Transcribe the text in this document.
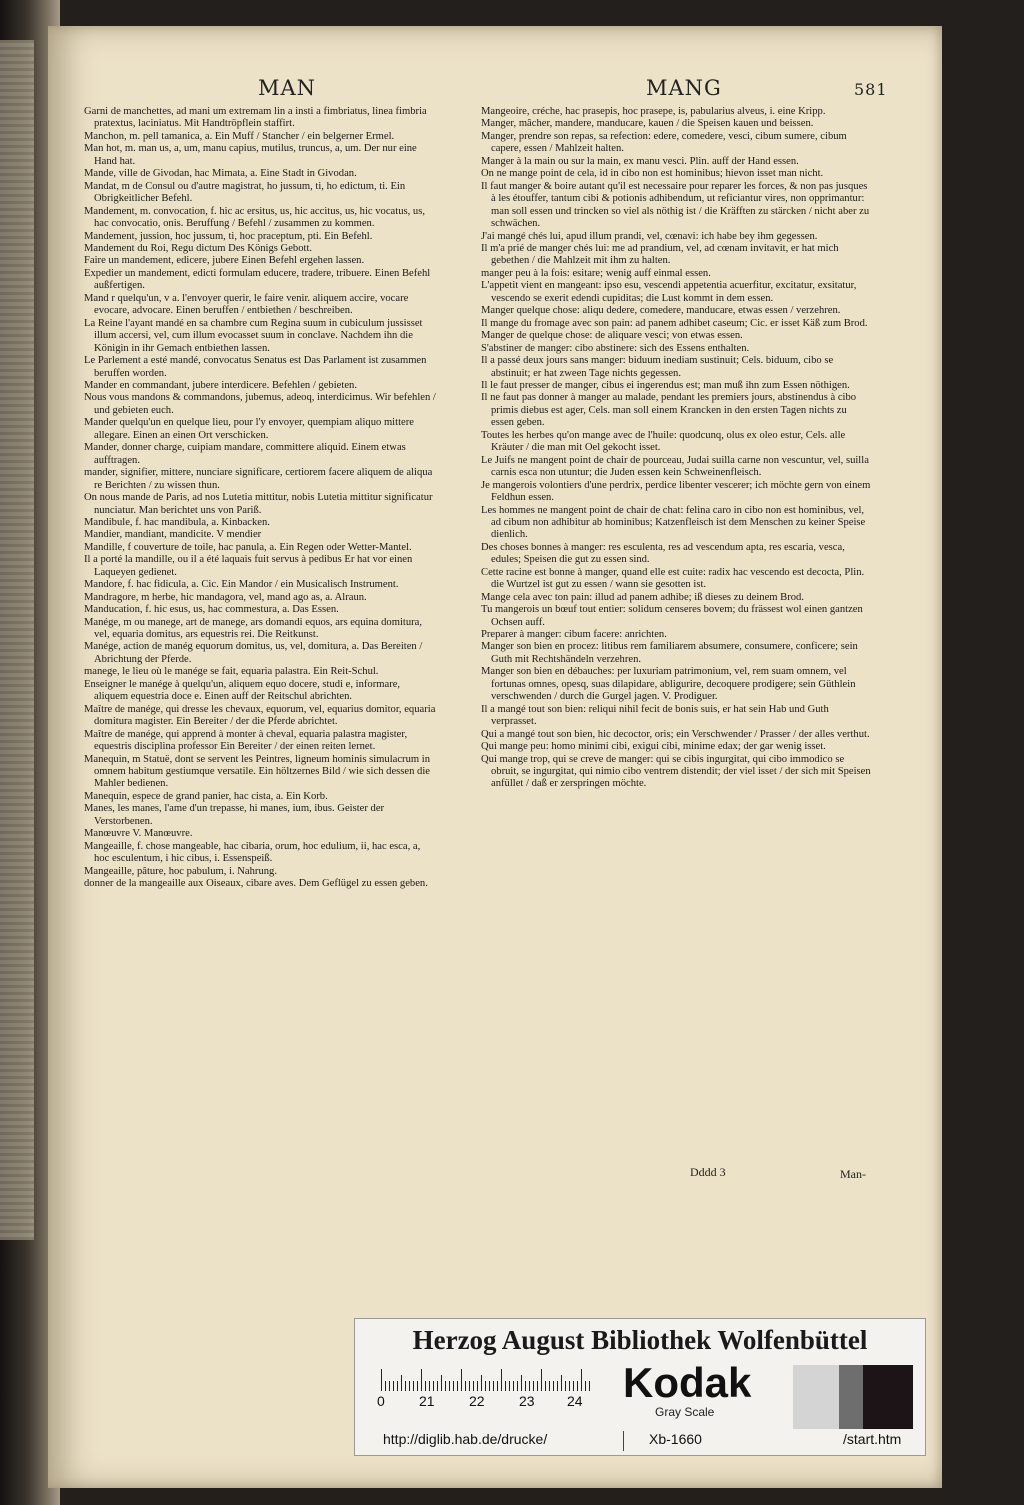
MAN	MANG	581

Garni de manchettes, ad mani um extremam lin a insti a fimbriatus, linea fimbria pratextus, laciniatus. Mit Handtröpflein staffirt.

Manchon, m. pell tamanica, a. Ein Muff / Stancher / ein belgerner Ermel.

Man hot, m. man us, a, um, manu capius, mutilus, truncus, a, um. Der nur eine Hand hat.

Mande, ville de Givodan, hac Mimata, a. Eine Stadt in Givodan.

Mandat, m de Consul ou d'autre magistrat, ho jussum, ti, ho edictum, ti. Ein Obrigkeitlicher Befehl.

Mandement, m. convocation, f. hic ac ersitus, us, hic accitus, us, hic vocatus, us, hac convocatio, onis. Beruffung / Befehl / zusammen zu kommen.

Mandement, jussion, hoc jussum, ti, hoc praceptum, pti. Ein Befehl.

Mandement du Roi, Regu dictum Des Königs Gebott.

Faire un mandement, edicere, jubere Einen Befehl ergehen lassen.

Expedier un mandement, edicti formulam educere, tradere, tribuere. Einen Befehl außfertigen.

Mand r quelqu'un, v a. l'envoyer querir, le faire venir. aliquem accire, vocare evocare, advocare. Einen beruffen / entbiethen / beschreiben.

La Reine l'ayant mandé en sa chambre cum Regina suum in cubiculum jussisset illum accersi, vel, cum illum evocasset suum in conclave. Nachdem ihn die Königin in ihr Gemach entbiethen lassen.

Le Parlement a esté mandé, convocatus Senatus est Das Parlament ist zusammen beruffen worden.

Mander en commandant, jubere interdicere. Befehlen / gebieten.

Nous vous mandons & commandons, jubemus, adeoq, interdicimus. Wir befehlen / und gebieten euch.

Mander quelqu'un en quelque lieu, pour l'y envoyer, quempiam aliquo mittere allegare. Einen an einen Ort verschicken.

Mander, donner charge, cuipiam mandare, committere aliquid. Einem etwas aufftragen.

mander, signifier, mittere, nunciare significare, certiorem facere aliquem de aliqua re Berichten / zu wissen thun.

On nous mande de Paris, ad nos Lutetia mittitur, nobis Lutetia mittitur significatur nunciatur. Man berichtet uns von Pariß.

Mandibule, f. hac mandibula, a. Kinbacken.

Mandier, mandiant, mandicite. V mendier

Mandille, f couverture de toile, hac panula, a. Ein Regen oder Wetter-Mantel.

Il a porté la mandille, ou il a été laquais fuit servus à pedibus Er hat vor einen Laqueyen gedienet.

Mandore, f. hac fidicula, a. Cic. Ein Mandor / ein Musicalisch Instrument.

Mandragore, m herbe, hic mandagora, vel, mand ago as, a. Alraun.

Manducation, f. hic esus, us, hac commestura, a. Das Essen.

Manége, m ou manege, art de manege, ars domandi equos, ars equina domitura, vel, equaria domitus, ars equestris rei. Die Reitkunst.

Manége, action de manég equorum domitus, us, vel, domitura, a. Das Bereiten / Abrichtung der Pferde.

manege, le lieu où le manége se fait, equaria palastra. Ein Reit-Schul.

Enseigner le manége à quelqu'un, aliquem equo docere, studi e, informare, aliquem equestria doce e. Einen auff der Reitschul abrichten.

Maître de manége, qui dresse les chevaux, equorum, vel, equarius domitor, equaria domitura magister. Ein Bereiter / der die Pferde abrichtet.

Maître de manége, qui apprend à monter à cheval, equaria palastra magister, equestris disciplina professor Ein Bereiter / der einen reiten lernet.

Manequin, m Statuë, dont se servent les Peintres, ligneum hominis simulacrum in omnem habitum gestiumque versatile. Ein höltzernes Bild / wie sich dessen die Mahler bedienen.

Manequin, espece de grand panier, hac cista, a. Ein Korb.

Manes, les manes, l'ame d'un trepasse, hi manes, ium, ibus. Geister der Verstorbenen.

Manœuvre V. Manœuvre.

Mangeaille, f. chose mangeable, hac cibaria, orum, hoc edulium, ii, hac esca, a, hoc esculentum, i hic cibus, i. Essenspeiß.

Mangeaille, pâture, hoc pabulum, i. Nahrung.

donner de la mangeaille aux Oiseaux, cibare aves. Dem Geflügel zu essen geben.

Mangeoire, créche, hac prasepis, hoc prasepe, is, pabularius alveus, i. eine Kripp.

Manger, mâcher, mandere, manducare, kauen / die Speisen kauen und beissen.

Manger, prendre son repas, sa refection: edere, comedere, vesci, cibum sumere, cibum capere, essen / Mahlzeit halten.

Manger à la main ou sur la main, ex manu vesci. Plin. auff der Hand essen.

On ne mange point de cela, id in cibo non est hominibus; hievon isset man nicht.

Il faut manger & boire autant qu'il est necessaire pour reparer les forces, & non pas jusques à les étouffer, tantum cibi & potionis adhibendum, ut reficiantur vires, non opprimantur: man soll essen und trincken so viel als nöthig ist / die Kräfften zu stärcken / nicht aber zu schwächen.

J'ai mangé chés lui, apud illum prandi, vel, cœnavi: ich habe bey ihm gegessen.

Il m'a prié de manger chés lui: me ad prandium, vel, ad cœnam invitavit, er hat mich gebethen / die Mahlzeit mit ihm zu halten.

manger peu à la fois: esitare; wenig auff einmal essen.

L'appetit vient en mangeant: ipso esu, vescendi appetentia acuerfitur, excitatur, exsitatur, vescendo se exerit edendi cupiditas; die Lust kommt in dem essen.

Manger quelque chose: aliqu dedere, comedere, manducare, etwas essen / verzehren.

Il mange du fromage avec son pain: ad panem adhibet caseum; Cic. er isset Käß zum Brod.

Manger de quelque chose: de aliquare vesci; von etwas essen.

S'abstiner de manger: cibo abstinere: sich des Essens enthalten.

Il a passé deux jours sans manger: biduum inediam sustinuit; Cels. biduum, cibo se abstinuit; er hat zween Tage nichts gegessen.

Il le faut presser de manger, cibus ei ingerendus est; man muß ihn zum Essen nöthigen.

Il ne faut pas donner à manger au malade, pendant les premiers jours, abstinendus à cibo primis diebus est ager, Cels. man soll einem Krancken in den ersten Tagen nichts zu essen geben.

Toutes les herbes qu'on mange avec de l'huile: quodcunq, olus ex oleo estur, Cels. alle Kräuter / die man mit Oel gekocht isset.

Le Juifs ne mangent point de chair de pourceau, Judai suilla carne non vescuntur, vel, suilla carnis esca non utuntur; die Juden essen kein Schweinenfleisch.

Je mangerois volontiers d'une perdrix, perdice libenter vescerer; ich möchte gern von einem Feldhun essen.

Les hommes ne mangent point de chair de chat: felina caro in cibo non est hominibus, vel, ad cibum non adhibitur ab hominibus; Katzenfleisch ist dem Menschen zu keiner Speise dienlich.

Des choses bonnes à manger: res esculenta, res ad vescendum apta, res escaria, vesca, edules; Speisen die gut zu essen sind.

Cette racine est bonne à manger, quand elle est cuite: radix hac vescendo est decocta, Plin. die Wurtzel ist gut zu essen / wann sie gesotten ist.

Mange cela avec ton pain: illud ad panem adhibe; iß dieses zu deinem Brod.

Tu mangerois un bœuf tout entier: solidum censeres bovem; du frässest wol einen gantzen Ochsen auff.

Preparer à manger: cibum facere: anrichten.

Manger son bien en procez: litibus rem familiarem absumere, consumere, conficere; sein Guth mit Rechtshändeln verzehren.

Manger son bien en débauches: per luxuriam patrimonium, vel, rem suam omnem, vel fortunas omnes, opesq, suas dilapidare, abligurire, decoquere prodigere; sein Güthlein verschwenden / durch die Gurgel jagen. V. Prodiguer.

Il a mangé tout son bien: reliqui nihil fecit de bonis suis, er hat sein Hab und Guth verprasset.

Qui a mangé tout son bien, hic decoctor, oris; ein Verschwender / Prasser / der alles verthut.

Qui mange peu: homo minimi cibi, exigui cibi, minime edax; der gar wenig isset.

Qui mange trop, qui se creve de manger: qui se cibis ingurgitat, qui cibo immodico se obruit, se ingurgitat, qui nimio cibo ventrem distendit; der viel isset / der sich mit Speisen anfüllet / daß er zerspringen möchte.

Dddd 3	Man-
Herzog August Bibliothek Wolfenbüttel
0 21 22 23 24 Kodak
Gray Scale
http://diglib.hab.de/drucke/	Xb-1660	/start.htm
